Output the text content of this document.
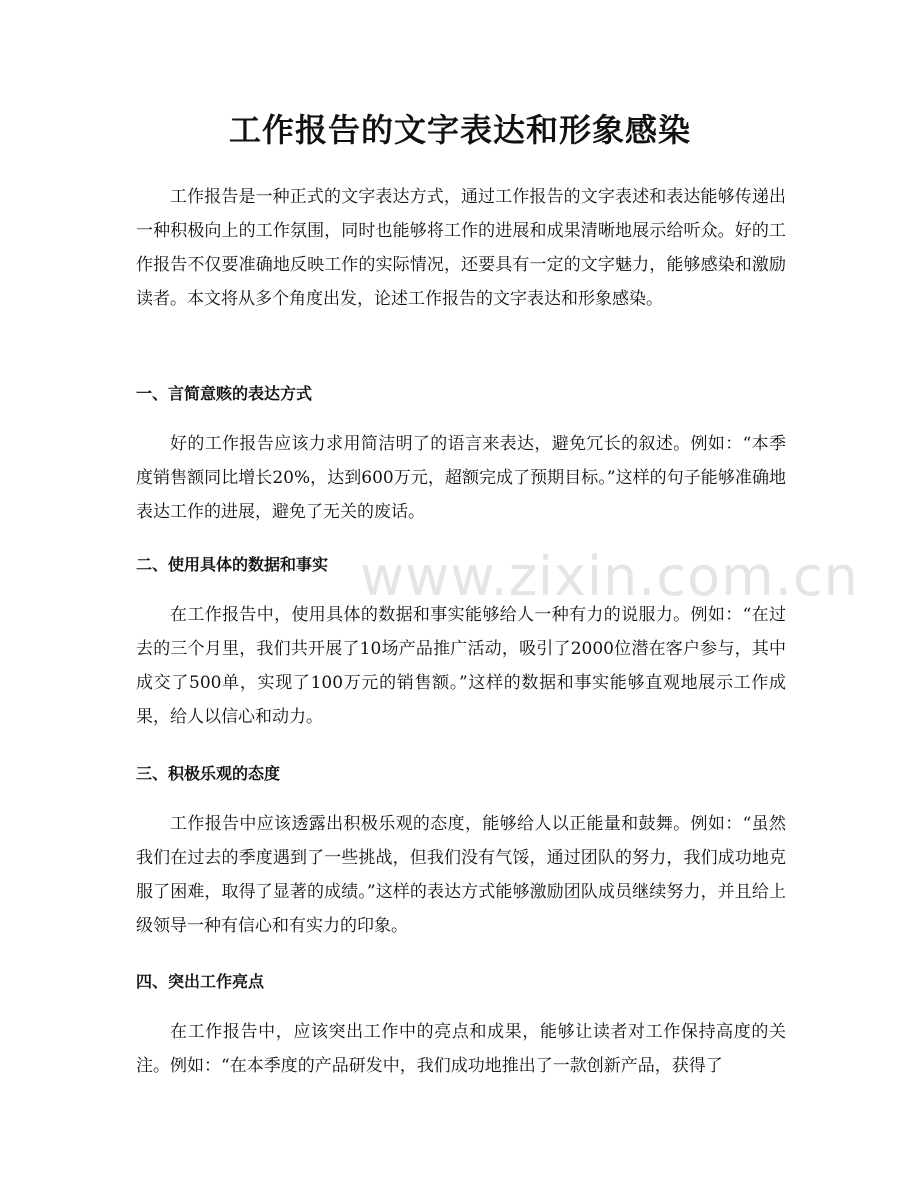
工作报告的文字表达和形象感染

工作报告是一种正式的文字表达方式，通过工作报告的文字表述和表达能够传递出一种积极向上的工作氛围，同时也能够将工作的进展和成果清晰地展示给听众。好的工作报告不仅要准确地反映工作的实际情况，还要具有一定的文字魅力，能够感染和激励读者。本文将从多个角度出发，论述工作报告的文字表达和形象感染。

一、言简意赅的表达方式

好的工作报告应该力求用简洁明了的语言来表达，避免冗长的叙述。例如：“本季度销售额同比增长20%，达到600万元，超额完成了预期目标。”这样的句子能够准确地表达工作的进展，避免了无关的废话。

二、使用具体的数据和事实

在工作报告中，使用具体的数据和事实能够给人一种有力的说服力。例如：“在过去的三个月里，我们共开展了10场产品推广活动，吸引了2000位潜在客户参与，其中成交了500单，实现了100万元的销售额。”这样的数据和事实能够直观地展示工作成果，给人以信心和动力。

三、积极乐观的态度

工作报告中应该透露出积极乐观的态度，能够给人以正能量和鼓舞。例如：“虽然我们在过去的季度遇到了一些挑战，但我们没有气馁，通过团队的努力，我们成功地克服了困难，取得了显著的成绩。”这样的表达方式能够激励团队成员继续努力，并且给上级领导一种有信心和有实力的印象。

四、突出工作亮点

在工作报告中，应该突出工作中的亮点和成果，能够让读者对工作保持高度的关注。例如：“在本季度的产品研发中，我们成功地推出了一款创新产品，获得了

www.zixin.com.cn
